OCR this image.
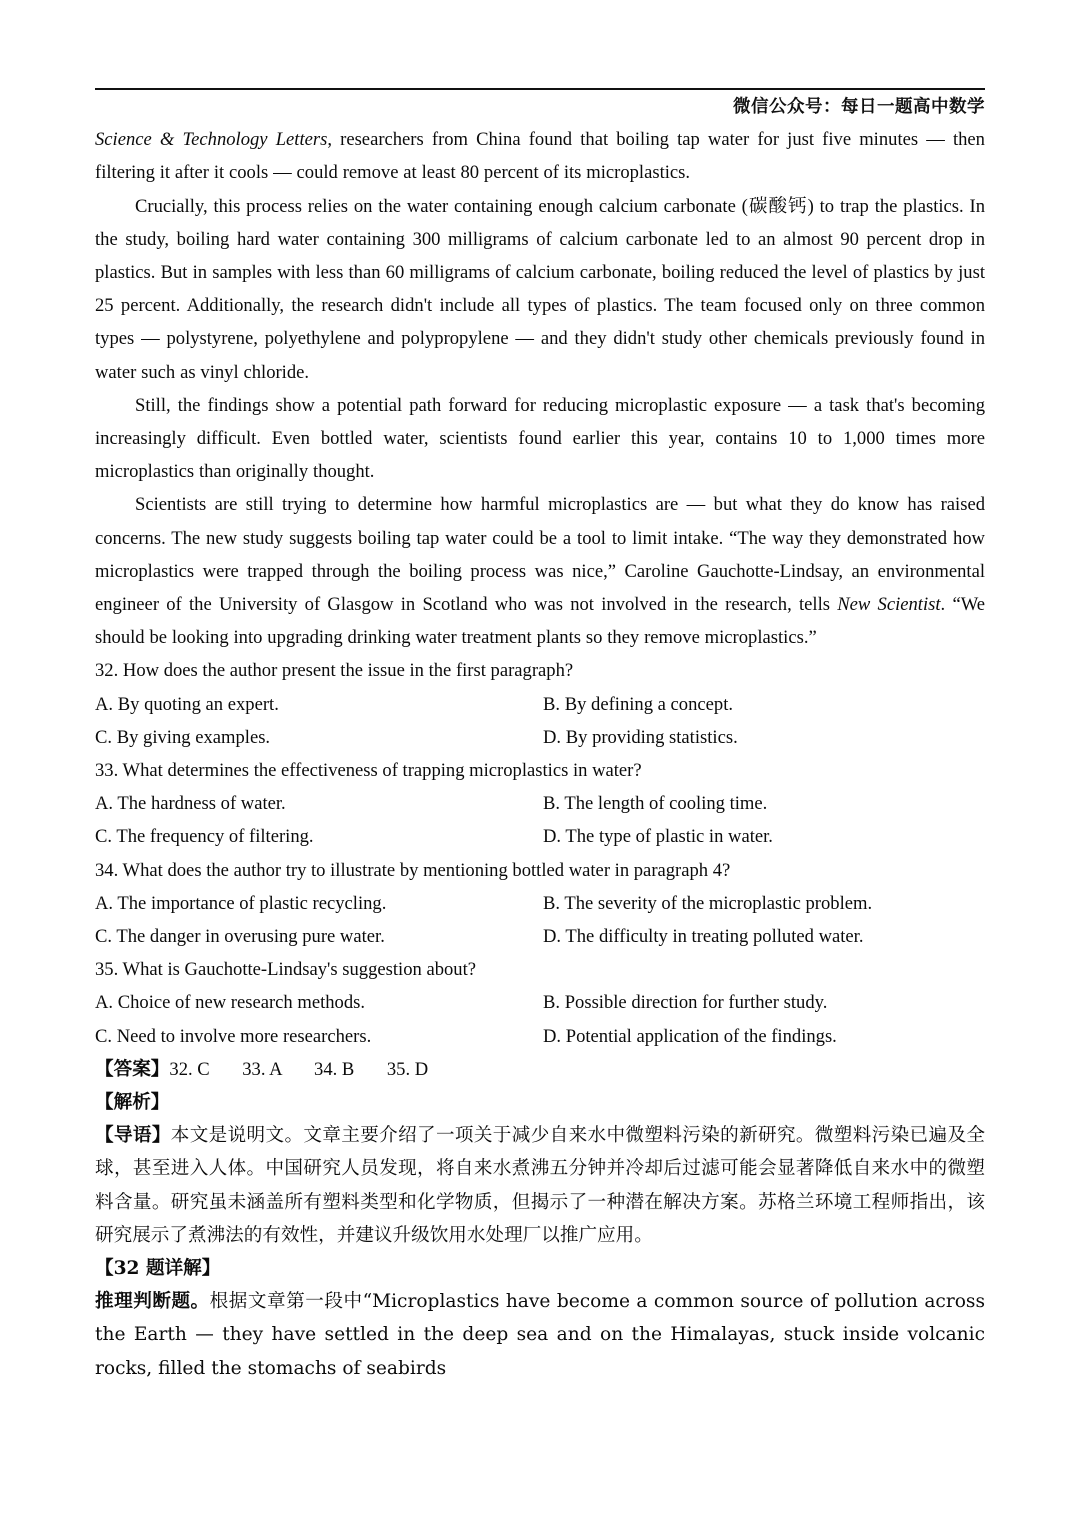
微信公众号：每日一题高中数学

Science & Technology Letters, researchers from China found that boiling tap water for just five minutes — then filtering it after it cools — could remove at least 80 percent of its microplastics.

Crucially, this process relies on the water containing enough calcium carbonate (碳酸钙) to trap the plastics. In the study, boiling hard water containing 300 milligrams of calcium carbonate led to an almost 90 percent drop in plastics. But in samples with less than 60 milligrams of calcium carbonate, boiling reduced the level of plastics by just 25 percent. Additionally, the research didn't include all types of plastics. The team focused only on three common types — polystyrene, polyethylene and polypropylene — and they didn't study other chemicals previously found in water such as vinyl chloride.

Still, the findings show a potential path forward for reducing microplastic exposure — a task that's becoming increasingly difficult. Even bottled water, scientists found earlier this year, contains 10 to 1,000 times more microplastics than originally thought.

Scientists are still trying to determine how harmful microplastics are — but what they do know has raised concerns. The new study suggests boiling tap water could be a tool to limit intake. “The way they demonstrated how microplastics were trapped through the boiling process was nice,” Caroline Gauchotte-Lindsay, an environmental engineer of the University of Glasgow in Scotland who was not involved in the research, tells New Scientist. “We should be looking into upgrading drinking water treatment plants so they remove microplastics.”

32. How does the author present the issue in the first paragraph?

A. By quoting an expert.	B. By defining a concept.
C. By giving examples.	D. By providing statistics.

33. What determines the effectiveness of trapping microplastics in water?

A. The hardness of water.	B. The length of cooling time.
C. The frequency of filtering.	D. The type of plastic in water.

34. What does the author try to illustrate by mentioning bottled water in paragraph 4?

A. The importance of plastic recycling.	B. The severity of the microplastic problem.
C. The danger in overusing pure water.	D. The difficulty in treating polluted water.

35. What is Gauchotte-Lindsay's suggestion about?

A. Choice of new research methods.	B. Possible direction for further study.
C. Need to involve more researchers.	D. Potential application of the findings.

【答案】32. C       33. A       34. B       35. D

【解析】

【导语】本文是说明文。文章主要介绍了一项关于减少自来水中微塑料污染的新研究。微塑料污染已遍及全球，甚至进入人体。中国研究人员发现，将自来水煮沸五分钟并冷却后过滤可能会显著降低自来水中的微塑料含量。研究虽未涵盖所有塑料类型和化学物质，但揭示了一种潜在解决方案。苏格兰环境工程师指出，该研究展示了煮沸法的有效性，并建议升级饮用水处理厂以推广应用。

【32 题详解】

推理判断题。根据文章第一段中“Microplastics have become a common source of pollution across the Earth — they have settled in the deep sea and on the Himalayas, stuck inside volcanic rocks, filled the stomachs of seabirds
